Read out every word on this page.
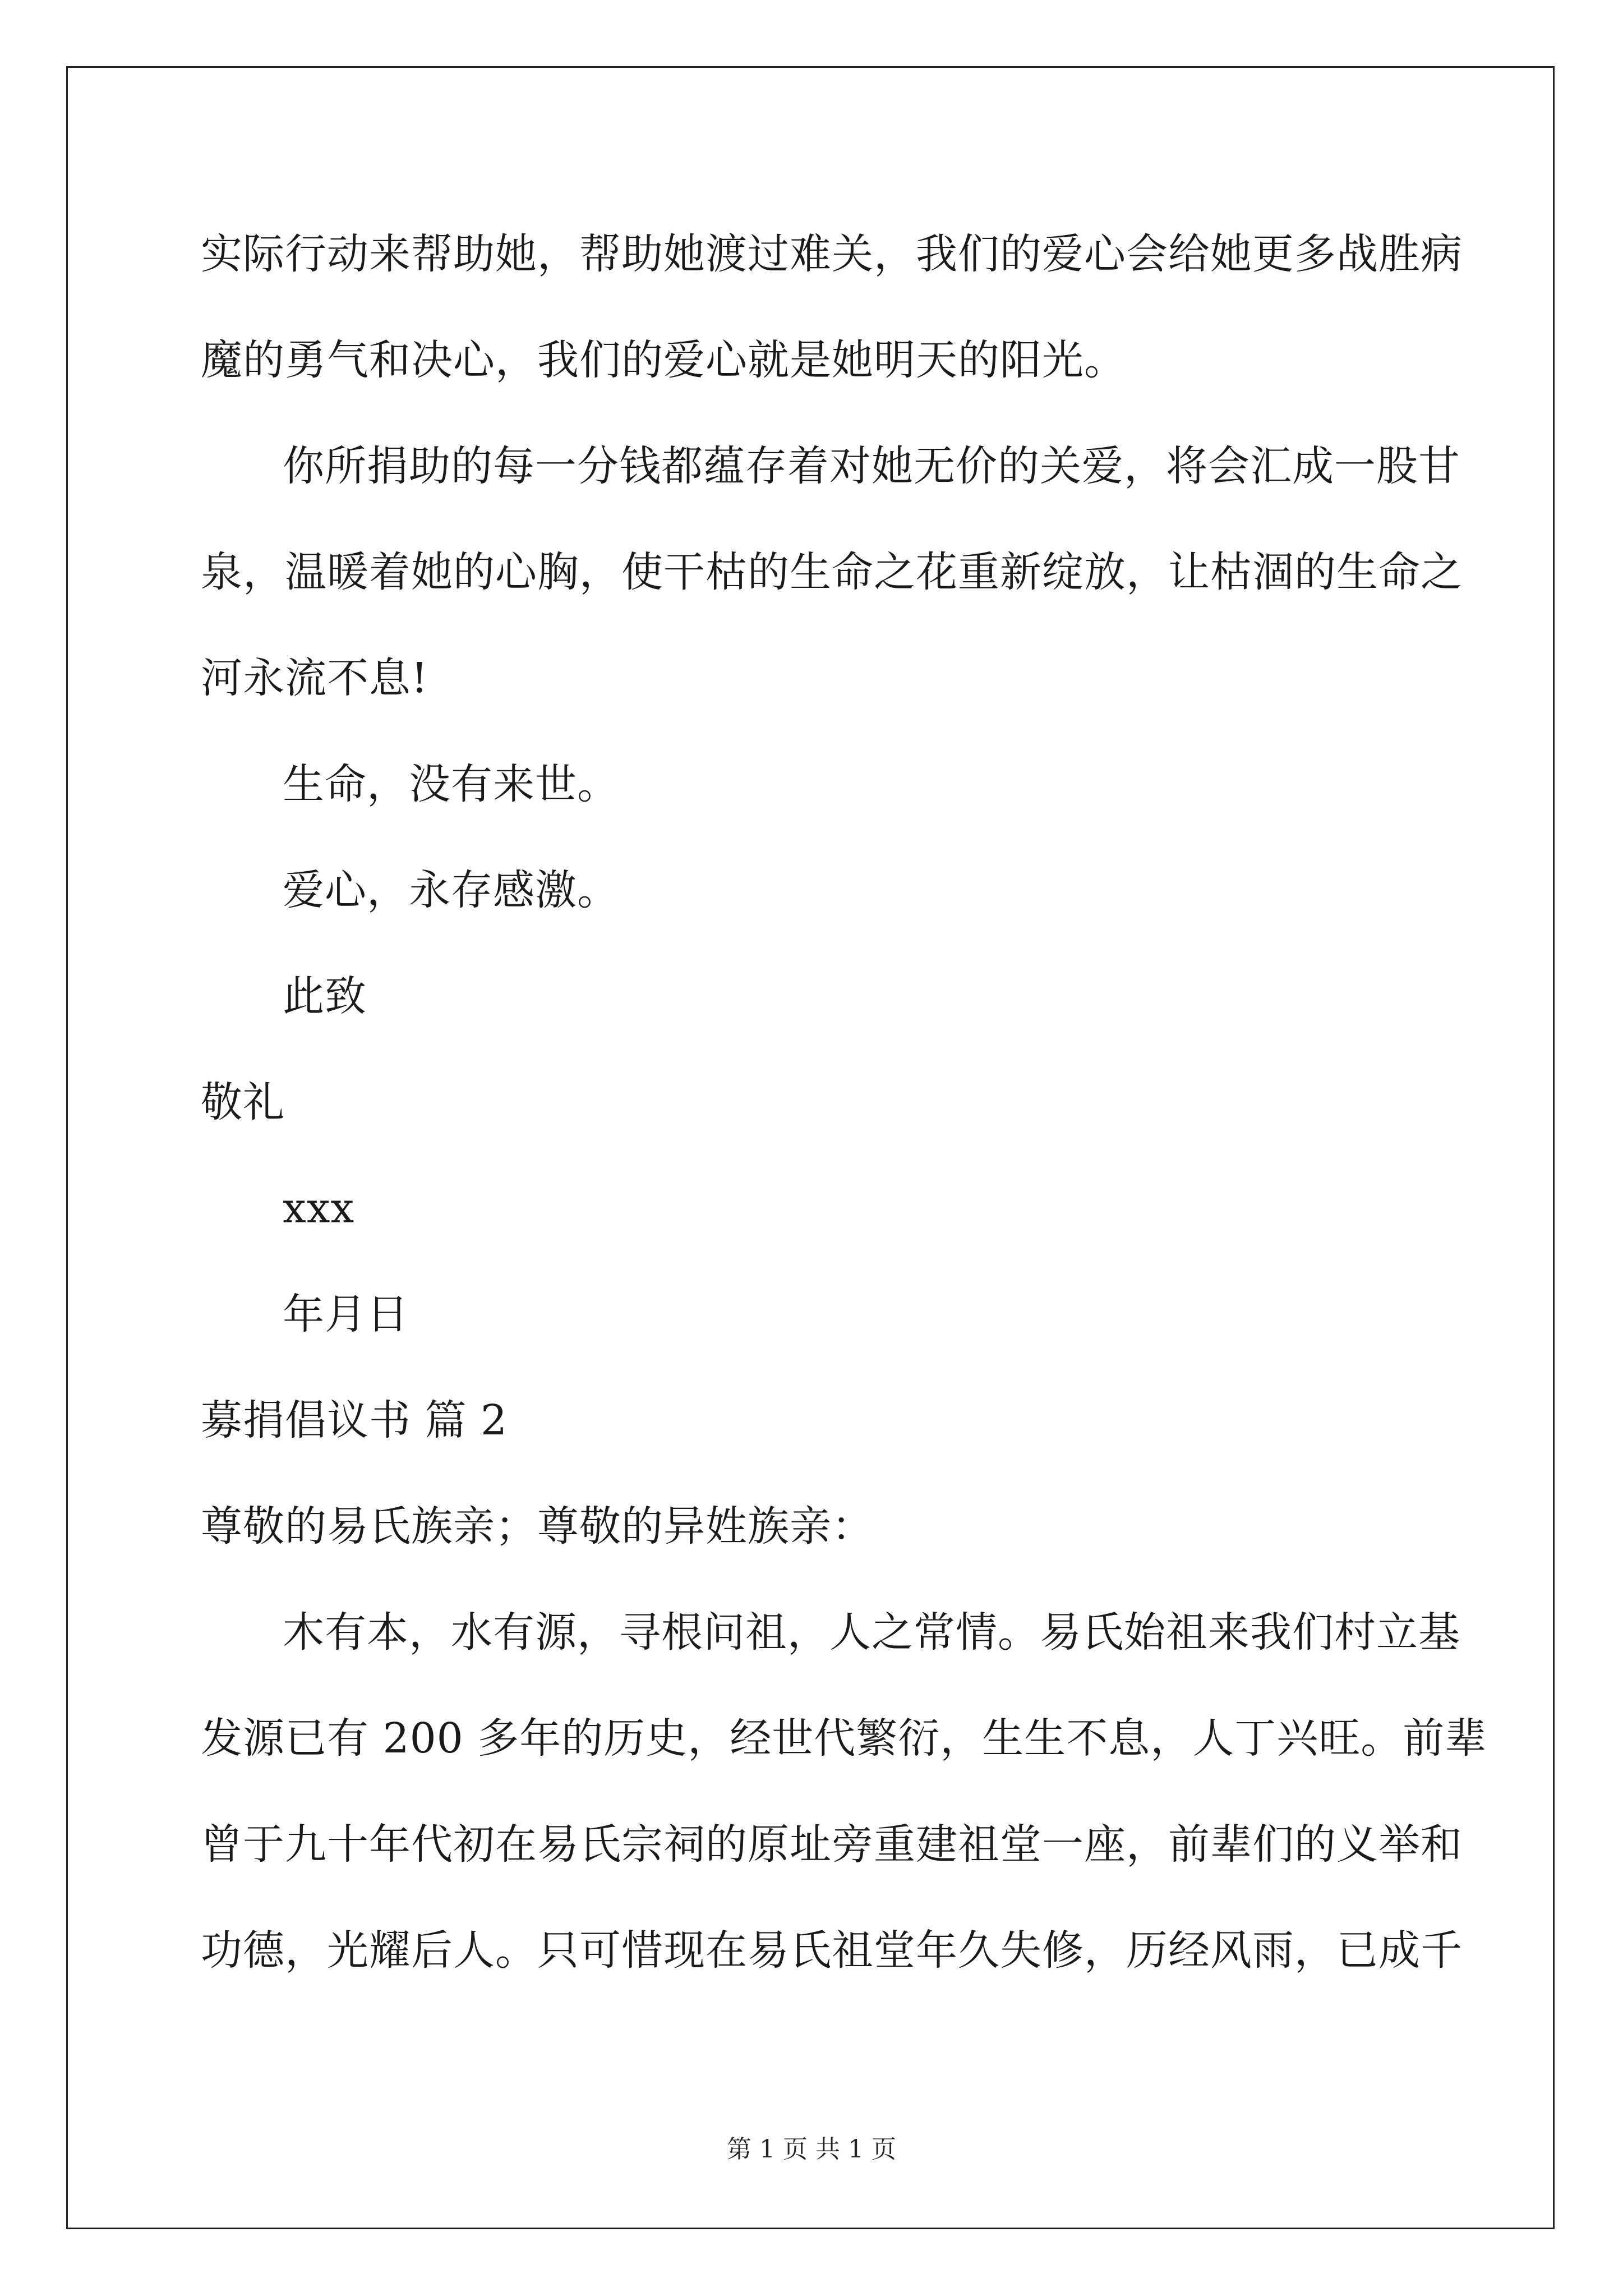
实际行动来帮助她，帮助她渡过难关，我们的爱心会给她更多战胜病
魔的勇气和决心，我们的爱心就是她明天的阳光。
你所捐助的每一分钱都蕴存着对她无价的关爱，将会汇成一股甘
泉，温暖着她的心胸，使干枯的生命之花重新绽放，让枯涸的生命之
河永流不息!
生命，没有来世。
爱心，永存感激。
此致
敬礼
xxx
年月日
募捐倡议书 篇 2
尊敬的易氏族亲；尊敬的异姓族亲：
木有本，水有源，寻根问祖，人之常情。易氏始祖来我们村立基
发源已有 200 多年的历史，经世代繁衍，生生不息，人丁兴旺。前辈
曾于九十年代初在易氏宗祠的原址旁重建祖堂一座，前辈们的义举和
功德，光耀后人。只可惜现在易氏祖堂年久失修，历经风雨，已成千
第 1 页 共 1 页
